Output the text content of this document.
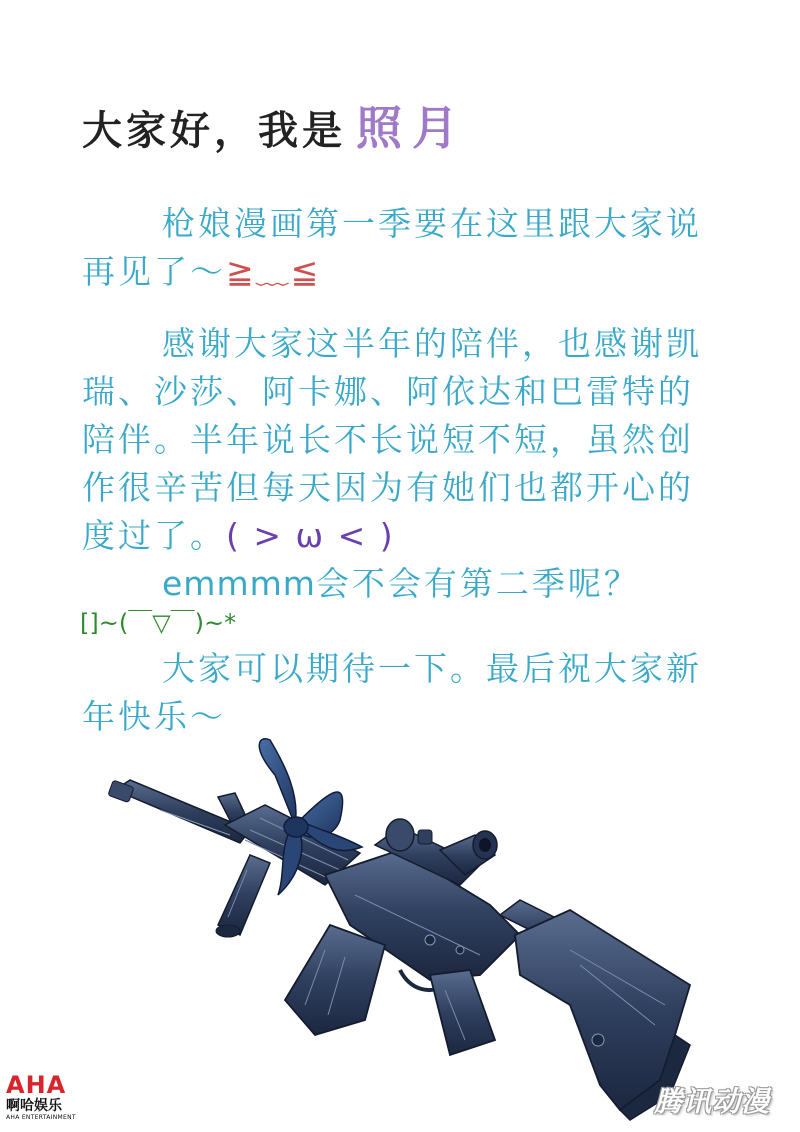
大家好，我是 照月
枪娘漫画第一季要在这里跟大家说再见了～≧﹏≦
感谢大家这半年的陪伴，也感谢凯瑞、沙莎、阿卡娜、阿依达和巴雷特的陪伴。半年说长不长说短不短，虽然创作很辛苦但每天因为有她们也都开心的度过了。( > ω < )
emmmm会不会有第二季呢？
[]~(￣▽￣)~*
大家可以期待一下。最后祝大家新年快乐～
AHA
啊哈娱乐
AHA ENTERTAINMENT	腾讯动漫
